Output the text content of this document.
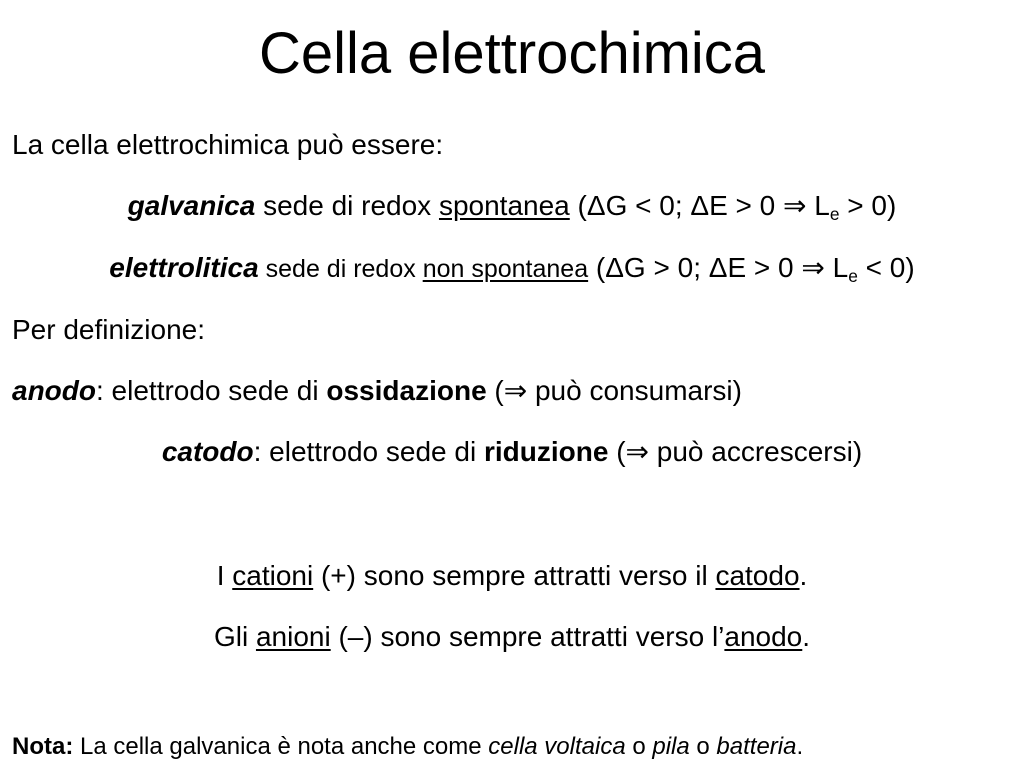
Cella elettrochimica
La cella elettrochimica può essere:
galvanica sede di redox spontanea (ΔG < 0; ΔE > 0 ⇒ $L_e > 0$)
elettrolitica sede di redox non spontanea (ΔG > 0; ΔE > 0 ⇒ $L_e < 0$)
Per definizione:
anodo: elettrodo sede di ossidazione (⇒ può consumarsi)
catodo: elettrodo sede di riduzione (⇒ può accrescersi)
I cationi (+) sono sempre attratti verso il catodo.
Gli anioni (–) sono sempre attratti verso l’anodo.
Nota: La cella galvanica è nota anche come cella voltaica o pila o batteria.
